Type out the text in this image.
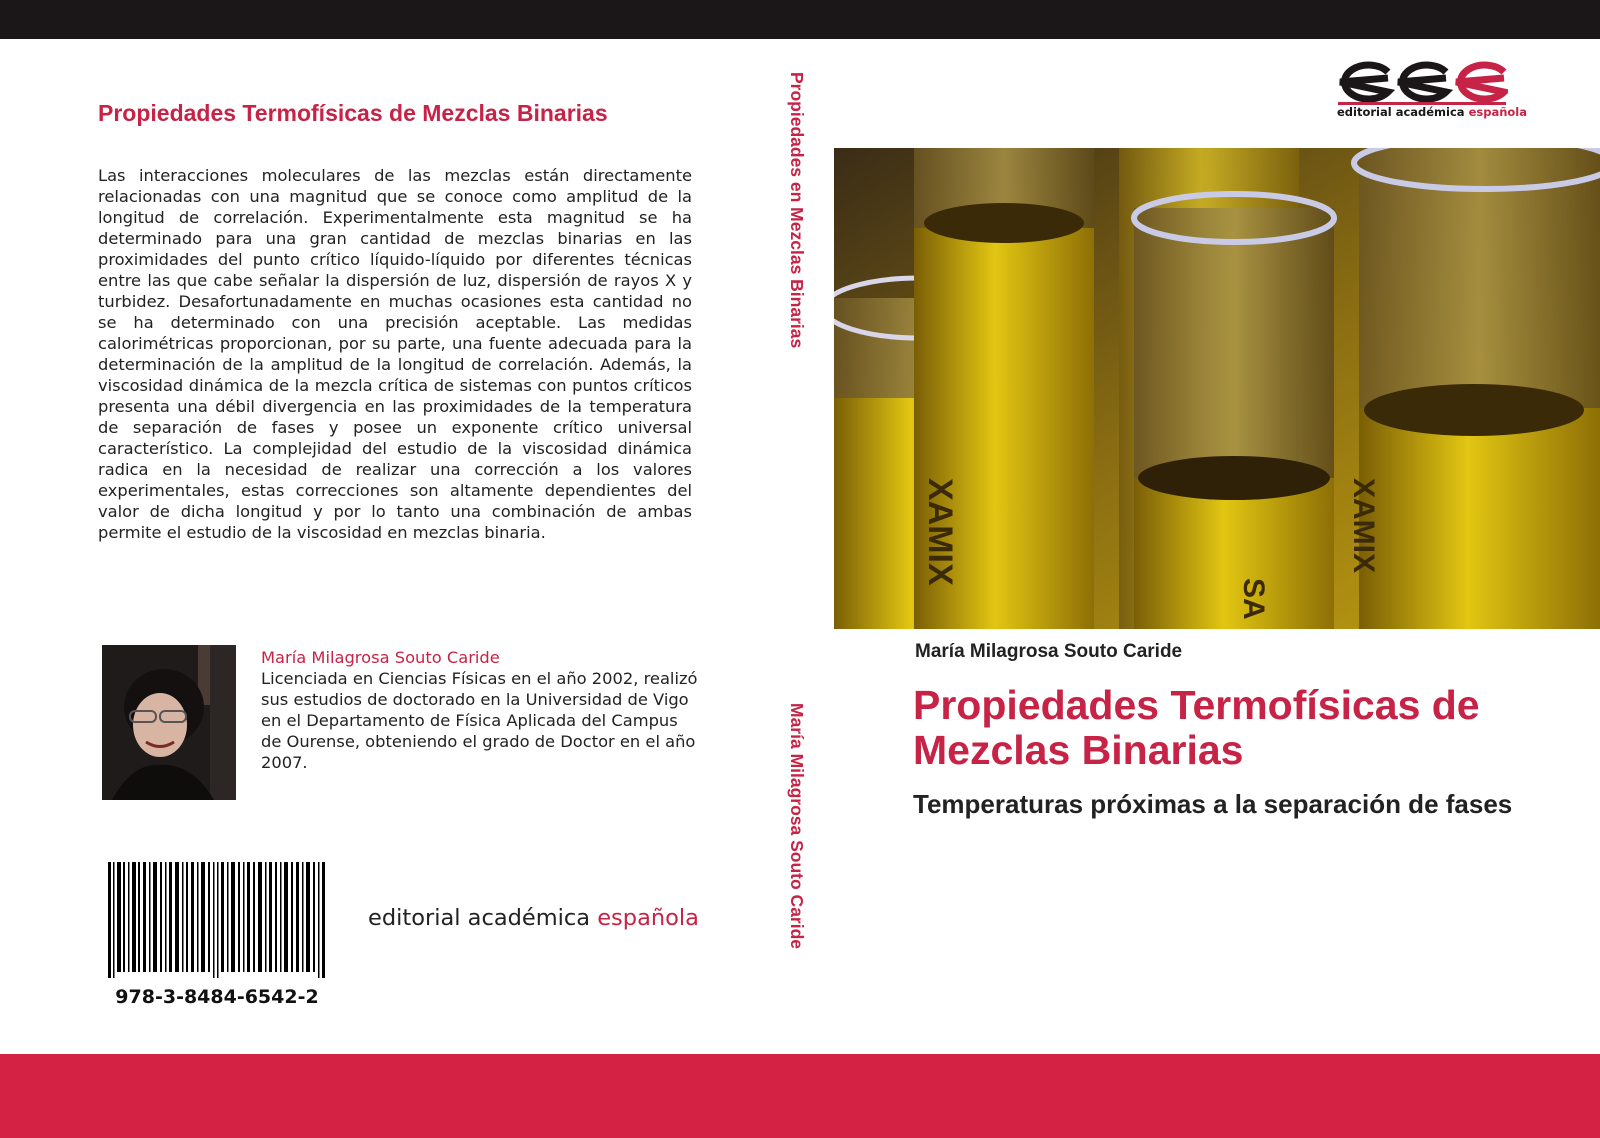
Propiedades Termofísicas de Mezclas Binarias

Las interacciones moleculares de las mezclas están directamente relacionadas con una magnitud que se conoce como amplitud de la longitud de correlación. Experimentalmente esta magnitud se ha determinado para una gran cantidad de mezclas binarias en las proximidades del punto crítico líquido-líquido por diferentes técnicas entre las que cabe señalar la dispersión de luz, dispersión de rayos X y turbidez. Desafortunadamente en muchas ocasiones esta cantidad no se ha determinado con una precisión aceptable. Las medidas calorimétricas proporcionan, por su parte, una fuente adecuada para la determinación de la amplitud de la longitud de correlación. Además, la viscosidad dinámica de la mezcla crítica de sistemas con puntos críticos presenta una débil divergencia en las proximidades de la temperatura de separación de fases y posee un exponente crítico universal característico. La complejidad del estudio de la viscosidad dinámica radica en la necesidad de realizar una corrección a los valores experimentales, estas correcciones son altamente dependientes del valor de dicha longitud y por lo tanto una combinación de ambas permite el estudio de la viscosidad en mezclas binaria.

María Milagrosa Souto Caride

Licenciada en Ciencias Físicas en el año 2002, realizó sus estudios de doctorado en la Universidad de Vigo en el Departamento de Física Aplicada del Campus de Ourense, obteniendo el grado de Doctor en el año 2007.

978-3-8484-6542-2
editorial académica española
Propiedades en Mezclas Binarias
María Milagrosa Souto Caride
editorial académica española
XAMIX
SA
XAMIX
María Milagrosa Souto Caride
Propiedades Termofísicas de Mezclas Binarias
Temperaturas próximas a la separación de fases
